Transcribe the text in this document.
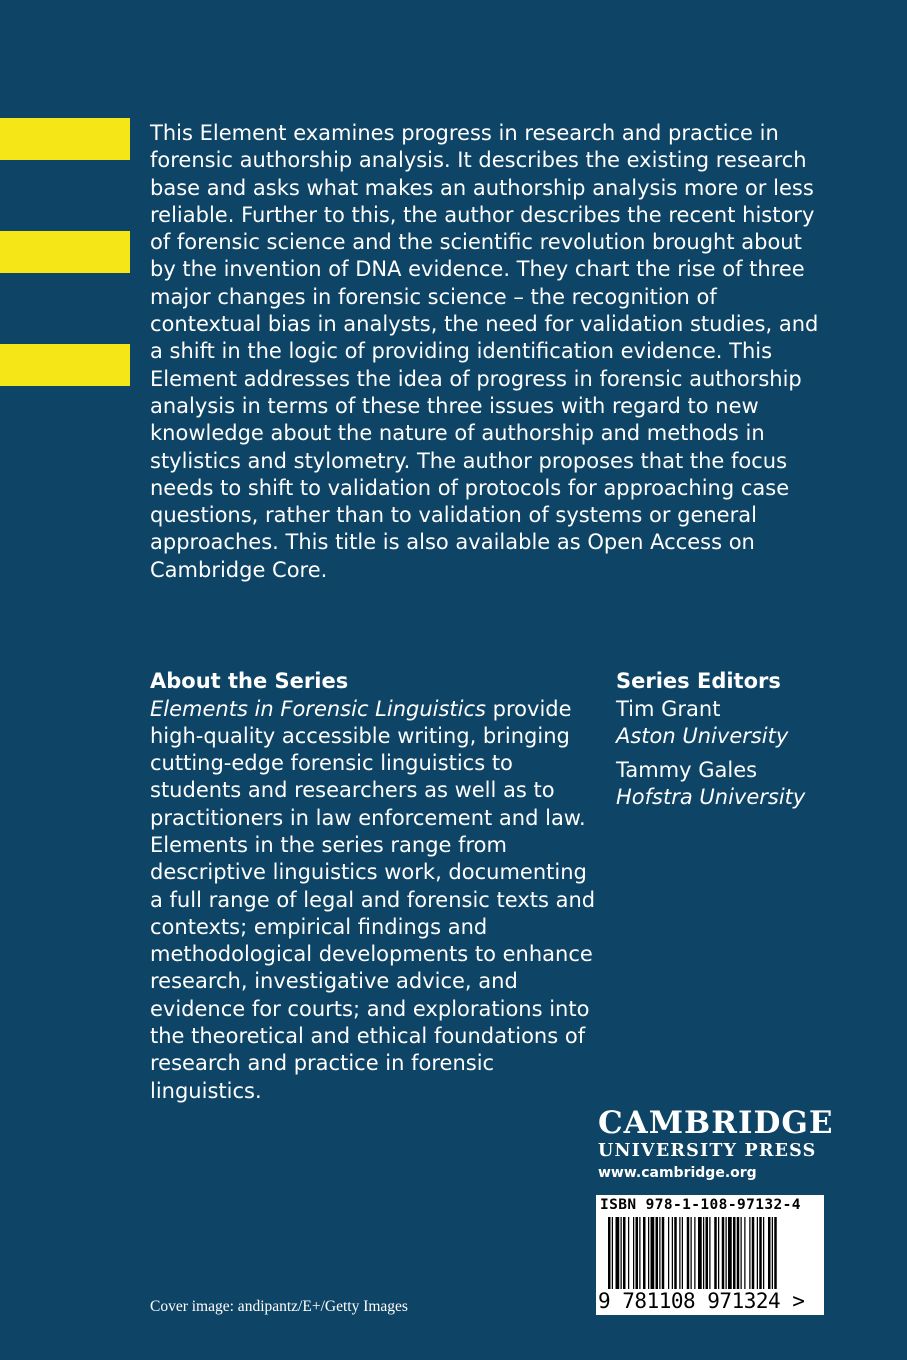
This Element examines progress in research and practice in forensic authorship analysis. It describes the existing research base and asks what makes an authorship analysis more or less reliable. Further to this, the author describes the recent history of forensic science and the scientific revolution brought about by the invention of DNA evidence. They chart the rise of three major changes in forensic science – the recognition of contextual bias in analysts, the need for validation studies, and a shift in the logic of providing identification evidence. This Element addresses the idea of progress in forensic authorship analysis in terms of these three issues with regard to new knowledge about the nature of authorship and methods in stylistics and stylometry. The author proposes that the focus needs to shift to validation of protocols for approaching case questions, rather than to validation of systems or general approaches. This title is also available as Open Access on Cambridge Core.

About the Series

Elements in Forensic Linguistics provide high-quality accessible writing, bringing cutting-edge forensic linguistics to students and researchers as well as to practitioners in law enforcement and law. Elements in the series range from descriptive linguistics work, documenting a full range of legal and forensic texts and contexts; empirical findings and methodological developments to enhance research, investigative advice, and evidence for courts; and explorations into the theoretical and ethical foundations of research and practice in forensic linguistics.

Series Editors
Tim Grant
Aston University
Tammy Gales
Hofstra University
CAMBRIDGE
UNIVERSITY PRESS
www.cambridge.org
ISBN 978-1-108-97132-4
9 781108 971324 >
Cover image: andipantz/E+/Getty Images
